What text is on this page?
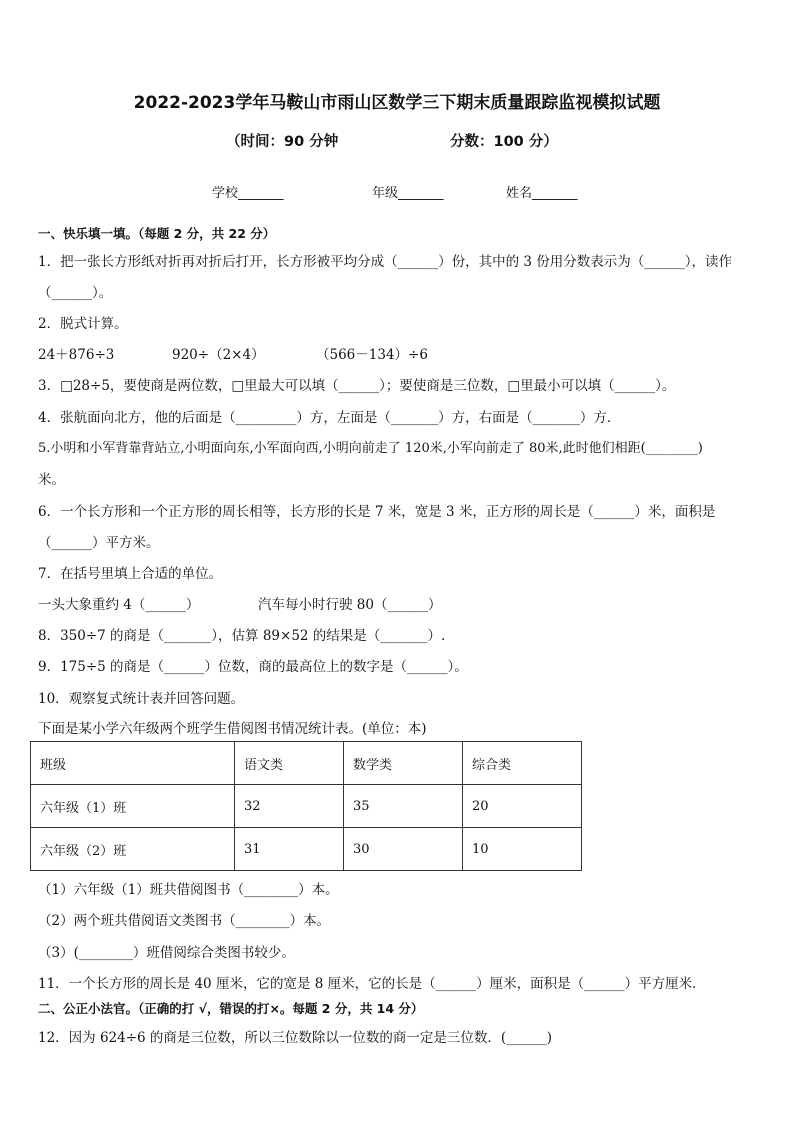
2022-2023学年马鞍山市雨山区数学三下期末质量跟踪监视模拟试题
（时间：90 分钟	分数：100 分）
学校_______	年级_______	姓名_______
一、快乐填一填。（每题 2 分，共 22 分）
1．把一张长方形纸对折再对折后打开，长方形被平均分成（______）份，其中的 3 份用分数表示为（______），读作
（______）。
2．脱式计算。
24＋876÷3	920÷（2×4）	（566－134）÷6
3．□28÷5，要使商是两位数，□里最大可以填（______）；要使商是三位数，□里最小可以填（______）。
4．张航面向北方，他的后面是（_________）方，左面是（_______）方，右面是（_______）方．
5.小明和小军背靠背站立,小明面向东,小军面向西,小明向前走了 120米,小军向前走了 80米,此时他们相距(________)
米。
6．一个长方形和一个正方形的周长相等，长方形的长是 7 米，宽是 3 米，正方形的周长是（______）米，面积是
（______）平方米。
7．在括号里填上合适的单位。
一头大象重约 4（______）	汽车每小时行驶 80（______）
8．350÷7 的商是（_______），估算 89×52 的结果是（_______）.
9．175÷5 的商是（______）位数，商的最高位上的数字是（______）。
10．观察复式统计表并回答问题。
下面是某小学六年级两个班学生借阅图书情况统计表。(单位：本)
班级	语文类	数学类	综合类
六年级（1）班	32	35	20
六年级（2）班	31	30	10
（1）六年级（1）班共借阅图书（________）本。
（2）两个班共借阅语文类图书（________）本。
（3）(________）班借阅综合类图书较少。
11．一个长方形的周长是 40 厘米，它的宽是 8 厘米，它的长是（______）厘米，面积是（______）平方厘米．
二、公正小法官。（正确的打 √，错误的打×。每题 2 分，共 14 分）
12．因为 624÷6 的商是三位数，所以三位数除以一位数的商一定是三位数．(______)
